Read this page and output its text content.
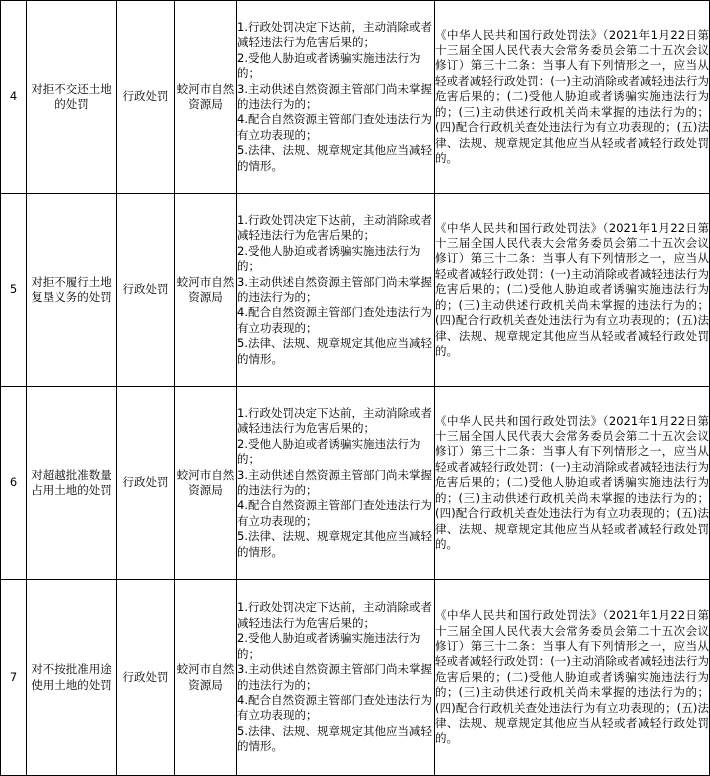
4	对拒不交还土地的处罚	行政处罚	蛟河市自然资源局	1.行政处罚决定下达前，主动消除或者减轻违法行为危害后果的；
2.受他人胁迫或者诱骗实施违法行为的；
3.主动供述自然资源主管部门尚未掌握的违法行为的；
4.配合自然资源主管部门查处违法行为有立功表现的；
5.法律、法规、规章规定其他应当减轻的情形。	《中华人民共和国行政处罚法》（2021年1月22日第十三届全国人民代表大会常务委员会第二十五次会议修订）第三十二条：当事人有下列情形之一，应当从轻或者减轻行政处罚：(一)主动消除或者减轻违法行为危害后果的；(二)受他人胁迫或者诱骗实施违法行为的；(三)主动供述行政机关尚未掌握的违法行为的；(四)配合行政机关查处违法行为有立功表现的；(五)法律、法规、规章规定其他应当从轻或者减轻行政处罚的。
5	对拒不履行土地复垦义务的处罚	行政处罚	蛟河市自然资源局	1.行政处罚决定下达前，主动消除或者减轻违法行为危害后果的；
2.受他人胁迫或者诱骗实施违法行为的；
3.主动供述自然资源主管部门尚未掌握的违法行为的；
4.配合自然资源主管部门查处违法行为有立功表现的；
5.法律、法规、规章规定其他应当减轻的情形。	《中华人民共和国行政处罚法》（2021年1月22日第十三届全国人民代表大会常务委员会第二十五次会议修订）第三十二条：当事人有下列情形之一，应当从轻或者减轻行政处罚：(一)主动消除或者减轻违法行为危害后果的；(二)受他人胁迫或者诱骗实施违法行为的；(三)主动供述行政机关尚未掌握的违法行为的；(四)配合行政机关查处违法行为有立功表现的；(五)法律、法规、规章规定其他应当从轻或者减轻行政处罚的。
6	对超越批准数量占用土地的处罚	行政处罚	蛟河市自然资源局	1.行政处罚决定下达前，主动消除或者减轻违法行为危害后果的；
2.受他人胁迫或者诱骗实施违法行为的；
3.主动供述自然资源主管部门尚未掌握的违法行为的；
4.配合自然资源主管部门查处违法行为有立功表现的；
5.法律、法规、规章规定其他应当减轻的情形。	《中华人民共和国行政处罚法》（2021年1月22日第十三届全国人民代表大会常务委员会第二十五次会议修订）第三十二条：当事人有下列情形之一，应当从轻或者减轻行政处罚：(一)主动消除或者减轻违法行为危害后果的；(二)受他人胁迫或者诱骗实施违法行为的；(三)主动供述行政机关尚未掌握的违法行为的；(四)配合行政机关查处违法行为有立功表现的；(五)法律、法规、规章规定其他应当从轻或者减轻行政处罚的。
7	对不按批准用途使用土地的处罚	行政处罚	蛟河市自然资源局	1.行政处罚决定下达前，主动消除或者减轻违法行为危害后果的；
2.受他人胁迫或者诱骗实施违法行为的；
3.主动供述自然资源主管部门尚未掌握的违法行为的；
4.配合自然资源主管部门查处违法行为有立功表现的；
5.法律、法规、规章规定其他应当减轻的情形。	《中华人民共和国行政处罚法》（2021年1月22日第十三届全国人民代表大会常务委员会第二十五次会议修订）第三十二条：当事人有下列情形之一，应当从轻或者减轻行政处罚：(一)主动消除或者减轻违法行为危害后果的；(二)受他人胁迫或者诱骗实施违法行为的；(三)主动供述行政机关尚未掌握的违法行为的；(四)配合行政机关查处违法行为有立功表现的；(五)法律、法规、规章规定其他应当从轻或者减轻行政处罚的。
